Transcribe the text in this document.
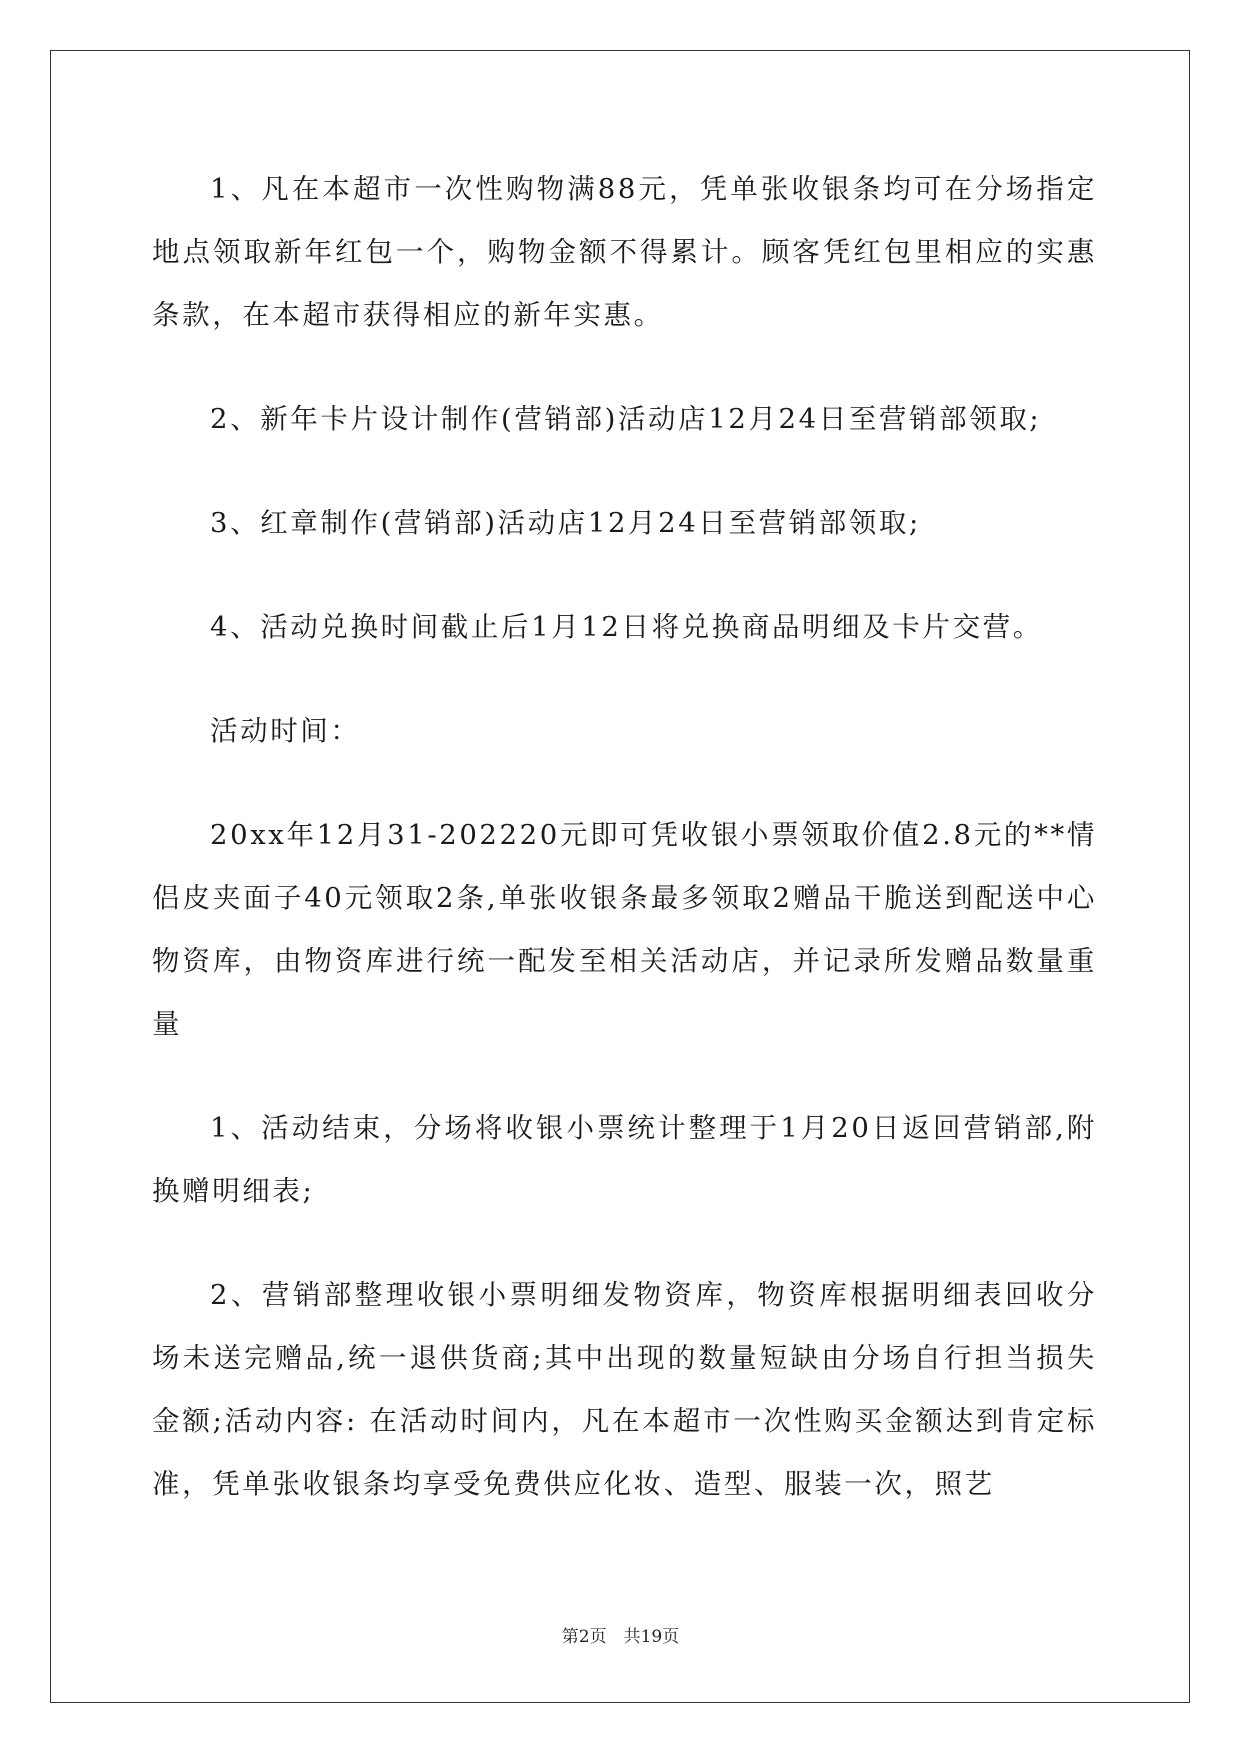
1、凡在本超市一次性购物满88元，凭单张收银条均可在分场指定地点领取新年红包一个，购物金额不得累计。顾客凭红包里相应的实惠条款，在本超市获得相应的新年实惠。

2、新年卡片设计制作(营销部)活动店12月24日至营销部领取;

3、红章制作(营销部)活动店12月24日至营销部领取;

4、活动兑换时间截止后1月12日将兑换商品明细及卡片交营。

活动时间：

20xx年12月31-202220元即可凭收银小票领取价值2.8元的**情侣皮夹面子40元领取2条,单张收银条最多领取2赠品干脆送到配送中心物资库，由物资库进行统一配发至相关活动店，并记录所发赠品数量重量

1、活动结束，分场将收银小票统计整理于1月20日返回营销部,附换赠明细表;

2、营销部整理收银小票明细发物资库，物资库根据明细表回收分场未送完赠品,统一退供货商;其中出现的数量短缺由分场自行担当损失金额;活动内容: 在活动时间内，凡在本超市一次性购买金额达到肯定标准，凭单张收银条均享受免费供应化妆、造型、服装一次，照艺

第2页　共19页
